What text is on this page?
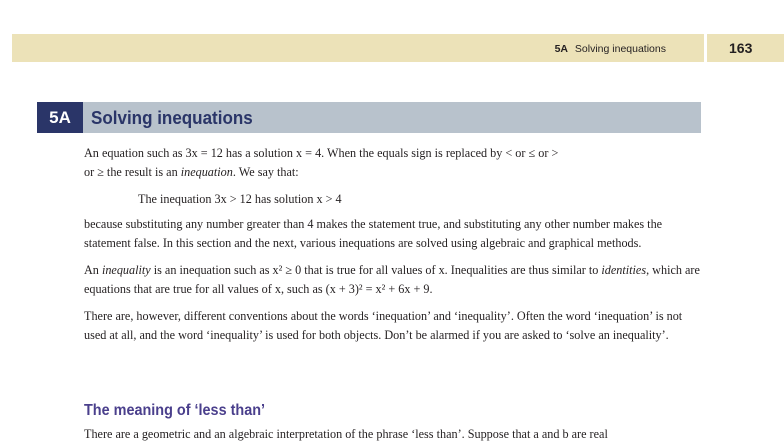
5A Solving inequations	163
5A	Solving inequations

An equation such as 3x = 12 has a solution x = 4. When the equals sign is replaced by < or ≤ or >
or ≥ the result is an inequation. We say that:

The inequation 3x > 12 has solution x > 4

because substituting any number greater than 4 makes the statement true, and substituting any other number makes the statement false. In this section and the next, various inequations are solved using algebraic and graphical methods.

An inequality is an inequation such as x² ≥ 0 that is true for all values of x. Inequalities are thus similar to identities, which are equations that are true for all values of x, such as (x + 3)² = x² + 6x + 9.

There are, however, different conventions about the words ‘inequation’ and ‘inequality’. Often the word ‘inequation’ is not used at all, and the word ‘inequality’ is used for both objects. Don’t be alarmed if you are asked to ‘solve an inequality’.

The meaning of ‘less than’
There are a geometric and an algebraic interpretation of the phrase ‘less than’. Suppose that a and b are real
